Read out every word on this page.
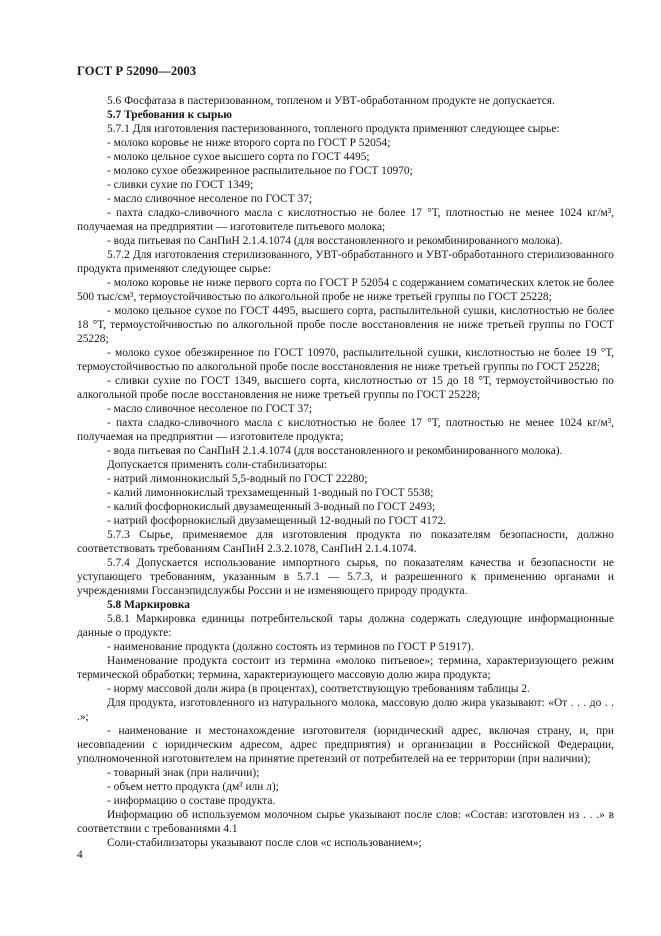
ГОСТ Р 52090—2003

5.6 Фосфатаза в пастеризованном, топленом и УВТ-обработанном продукте не допускается.

5.7 Требования к сырью

5.7.1 Для изготовления пастеризованного, топленого продукта применяют следующее сырье:

- молоко коровье не ниже второго сорта по ГОСТ Р 52054;

- молоко цельное сухое высшего сорта по ГОСТ 4495;

- молоко сухое обезжиренное распылительное по ГОСТ 10970;

- сливки сухие по ГОСТ 1349;

- масло сливочное несоленое по ГОСТ 37;

- пахта сладко-сливочного масла с кислотностью не более 17 °Т, плотностью не менее 1024 кг/м³, получаемая на предприятии — изготовителе питьевого молока;

- вода питьевая по СанПиН 2.1.4.1074 (для восстановленного и рекомбинированного молока).

5.7.2 Для изготовления стерилизованного, УВТ-обработанного и УВТ-обработанного стерилизованного продукта применяют следующее сырье:

- молоко коровье не ниже первого сорта по ГОСТ Р 52054 с содержанием соматических клеток не более 500 тыс/см³, термоустойчивостью по алкогольной пробе не ниже третьей группы по ГОСТ 25228;

- молоко цельное сухое по ГОСТ 4495, высшего сорта, распылительной сушки, кислотностью не более 18 °Т, термоустойчивостью по алкогольной пробе после восстановления не ниже третьей группы по ГОСТ 25228;

- молоко сухое обезжиренное по ГОСТ 10970, распылительной сушки, кислотностью не более 19 °Т, термоустойчивостью по алкогольной пробе после восстановления не ниже третьей группы по ГОСТ 25228;

- сливки сухие по ГОСТ 1349, высшего сорта, кислотностью от 15 до 18 °Т, термоустойчивостью по алкогольной пробе после восстановления не ниже третьей группы по ГОСТ 25228;

- масло сливочное несоленое по ГОСТ 37;

- пахта сладко-сливочного масла с кислотностью не более 17 °Т, плотностью не менее 1024 кг/м³, получаемая на предприятии — изготовителе продукта;

- вода питьевая по СанПиН 2.1.4.1074 (для восстановленного и рекомбинированного молока).

Допускается применять соли-стабилизаторы:

- натрий лимоннокислый 5,5-водный по ГОСТ 22280;

- калий лимоннокислый трехзамещенный 1-водный по ГОСТ 5538;

- калий фосфорнокислый двузамещенный 3-водный по ГОСТ 2493;

- натрий фосфорнокислый двузамещенный 12-водный по ГОСТ 4172.

5.7.3 Сырье, применяемое для изготовления продукта по показателям безопасности, должно соответствовать требованиям СанПиН 2.3.2.1078, СанПиН 2.1.4.1074.

5.7.4 Допускается использование импортного сырья, по показателям качества и безопасности не уступающего требованиям, указанным в 5.7.1 — 5.7.3, и разрешенного к применению органами и учреждениями Госсанэпидслужбы России и не изменяющего природу продукта.

5.8 Маркировка

5.8.1 Маркировка единицы потребительской тары должна содержать следующие информационные данные о продукте:

- наименование продукта (должно состоять из терминов по ГОСТ Р 51917).

Наименование продукта состоит из термина «молоко питьевое»; термина, характеризующего режим термической обработки; термина, характеризующего массовую долю жира продукта;

- норму массовой доли жира (в процентах), соответствующую требованиям таблицы 2.

Для продукта, изготовленного из натурального молока, массовую долю жира указывают: «От . . . до . . .»;

- наименование и местонахождение изготовителя (юридический адрес, включая страну, и, при несовпадении с юридическим адресом, адрес предприятия) и организации в Российской Федерации, уполномоченной изготовителем на принятие претензий от потребителей на ее территории (при наличии);

- товарный знак (при наличии);

- объем нетто продукта (дм³ или л);

- информацию о составе продукта.

Информацию об используемом молочном сырье указывают после слов: «Состав: изготовлен из . . .» в соответствии с требованиями 4.1

Соли-стабилизаторы указывают после слов «с использованием»;

4
